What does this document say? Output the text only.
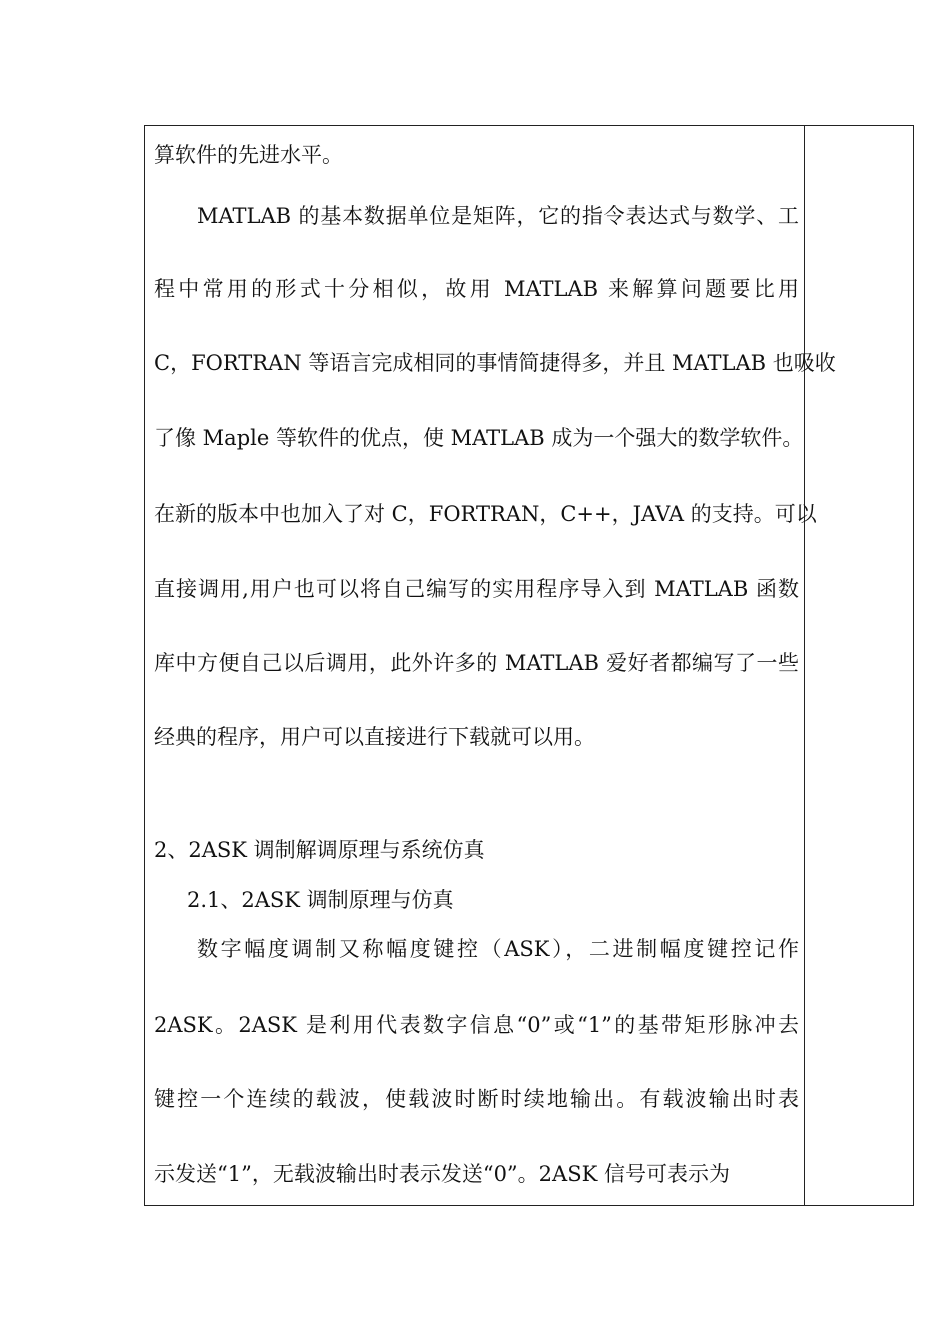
算软件的先进水平。
MATLAB 的基本数据单位是矩阵，它的指令表达式与数学、工
程中常用的形式十分相似，故用 MATLAB 来解算问题要比用
C，FORTRAN 等语言完成相同的事情简捷得多，并且 MATLAB 也吸收
了像 Maple 等软件的优点，使 MATLAB 成为一个强大的数学软件。
在新的版本中也加入了对 C，FORTRAN，C++，JAVA 的支持。可以
直接调用,用户也可以将自己编写的实用程序导入到 MATLAB 函数
库中方便自己以后调用，此外许多的 MATLAB 爱好者都编写了一些
经典的程序，用户可以直接进行下载就可以用。
2、2ASK 调制解调原理与系统仿真
2.1、2ASK 调制原理与仿真
数字幅度调制又称幅度键控（ASK），二进制幅度键控记作
2ASK。2ASK 是利用代表数字信息“0”或“1”的基带矩形脉冲去
键控一个连续的载波，使载波时断时续地输出。有载波输出时表
示发送“1”，无载波输出时表示发送“0”。2ASK 信号可表示为
